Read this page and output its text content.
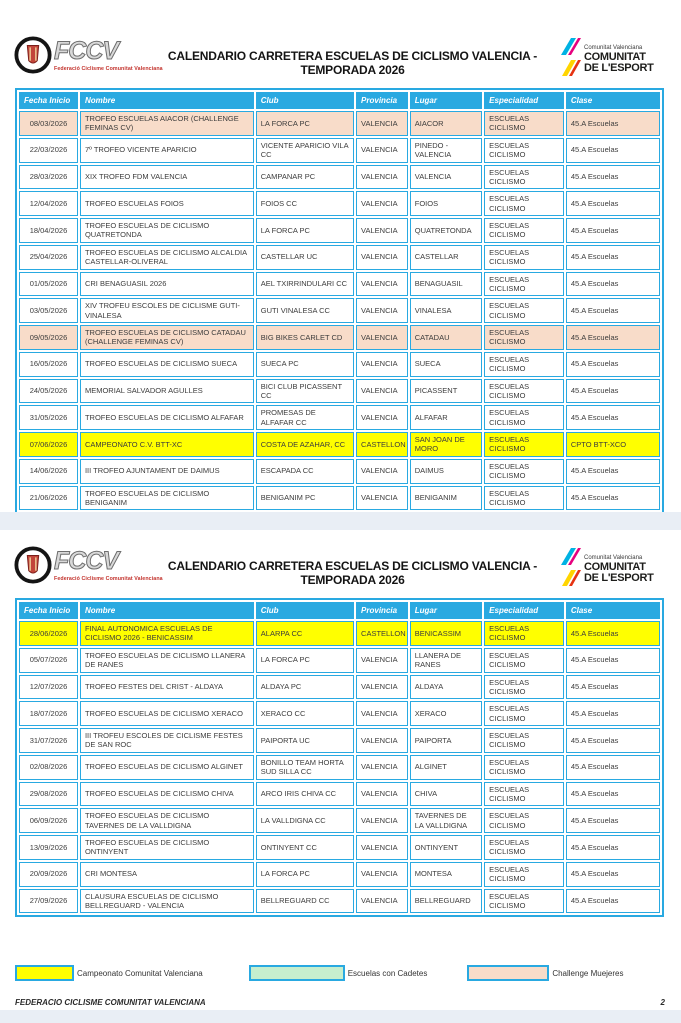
FCCV
Federació Ciclisme Comunitat Valenciana
CALENDARIO CARRETERA ESCUELAS DE CICLISMO VALENCIA - TEMPORADA 2026
Comunitat Valenciana
COMUNITAT
DE L'ESPORT
Fecha Inicio	Nombre	Club	Provincia	Lugar	Especialidad	Clase
08/03/2026	TROFEO ESCUELAS AIACOR (CHALLENGE FEMINAS CV)	LA FORCA PC	VALENCIA	AIACOR	ESCUELAS CICLISMO	45.A Escuelas
22/03/2026	7º TROFEO VICENTE APARICIO	VICENTE APARICIO VILA CC	VALENCIA	PINEDO - VALENCIA	ESCUELAS CICLISMO	45.A Escuelas
28/03/2026	XIX TROFEO FDM VALENCIA	CAMPANAR PC	VALENCIA	VALENCIA	ESCUELAS CICLISMO	45.A Escuelas
12/04/2026	TROFEO ESCUELAS FOIOS	FOIOS CC	VALENCIA	FOIOS	ESCUELAS CICLISMO	45.A Escuelas
18/04/2026	TROFEO ESCUELAS DE CICLISMO QUATRETONDA	LA FORCA PC	VALENCIA	QUATRETONDA	ESCUELAS CICLISMO	45.A Escuelas
25/04/2026	TROFEO ESCUELAS DE CICLISMO ALCALDIA CASTELLAR-OLIVERAL	CASTELLAR UC	VALENCIA	CASTELLAR	ESCUELAS CICLISMO	45.A Escuelas
01/05/2026	CRI BENAGUASIL 2026	AEL TXIRRINDULARI CC	VALENCIA	BENAGUASIL	ESCUELAS CICLISMO	45.A Escuelas
03/05/2026	XIV TROFEU ESCOLES DE CICLISME GUTI-VINALESA	GUTI VINALESA CC	VALENCIA	VINALESA	ESCUELAS CICLISMO	45.A Escuelas
09/05/2026	TROFEO ESCUELAS DE CICLISMO CATADAU (CHALLENGE FEMINAS CV)	BIG BIKES CARLET CD	VALENCIA	CATADAU	ESCUELAS CICLISMO	45.A Escuelas
16/05/2026	TROFEO ESCUELAS DE CICLISMO SUECA	SUECA PC	VALENCIA	SUECA	ESCUELAS CICLISMO	45.A Escuelas
24/05/2026	MEMORIAL SALVADOR AGULLES	BICI CLUB PICASSENT CC	VALENCIA	PICASSENT	ESCUELAS CICLISMO	45.A Escuelas
31/05/2026	TROFEO ESCUELAS DE CICLISMO ALFAFAR	PROMESAS DE ALFAFAR CC	VALENCIA	ALFAFAR	ESCUELAS CICLISMO	45.A Escuelas
07/06/2026	CAMPEONATO C.V. BTT-XC	COSTA DE AZAHAR, CC	CASTELLON	SAN JOAN DE MORO	ESCUELAS CICLISMO	CPTO BTT-XCO
14/06/2026	III TROFEO AJUNTAMENT DE DAIMUS	ESCAPADA CC	VALENCIA	DAIMUS	ESCUELAS CICLISMO	45.A Escuelas
21/06/2026	TROFEO ESCUELAS DE CICLISMO BENIGANIM	BENIGANIM PC	VALENCIA	BENIGANIM	ESCUELAS CICLISMO	45.A Escuelas
FCCV
Federació Ciclisme Comunitat Valenciana
CALENDARIO CARRETERA ESCUELAS DE CICLISMO VALENCIA - TEMPORADA 2026
Comunitat Valenciana
COMUNITAT
DE L'ESPORT
Fecha Inicio	Nombre	Club	Provincia	Lugar	Especialidad	Clase
28/06/2026	FINAL AUTONOMICA ESCUELAS DE CICLISMO 2026 - BENICASSIM	ALARPA CC	CASTELLON	BENICASSIM	ESCUELAS CICLISMO	45.A Escuelas
05/07/2026	TROFEO ESCUELAS DE CICLISMO LLANERA DE RANES	LA FORCA PC	VALENCIA	LLANERA DE RANES	ESCUELAS CICLISMO	45.A Escuelas
12/07/2026	TROFEO FESTES DEL CRIST - ALDAYA	ALDAYA PC	VALENCIA	ALDAYA	ESCUELAS CICLISMO	45.A Escuelas
18/07/2026	TROFEO ESCUELAS DE CICLISMO XERACO	XERACO CC	VALENCIA	XERACO	ESCUELAS CICLISMO	45.A Escuelas
31/07/2026	III TROFEU ESCOLES DE CICLISME FESTES DE SAN ROC	PAIPORTA UC	VALENCIA	PAIPORTA	ESCUELAS CICLISMO	45.A Escuelas
02/08/2026	TROFEO ESCUELAS DE CICLISMO ALGINET	BONILLO TEAM HORTA SUD SILLA CC	VALENCIA	ALGINET	ESCUELAS CICLISMO	45.A Escuelas
29/08/2026	TROFEO ESCUELAS DE CICLISMO CHIVA	ARCO IRIS CHIVA CC	VALENCIA	CHIVA	ESCUELAS CICLISMO	45.A Escuelas
06/09/2026	TROFEO ESCUELAS DE CICLISMO TAVERNES DE LA VALLDIGNA	LA VALLDIGNA CC	VALENCIA	TAVERNES DE LA VALLDIGNA	ESCUELAS CICLISMO	45.A Escuelas
13/09/2026	TROFEO ESCUELAS DE CICLISMO ONTINYENT	ONTINYENT CC	VALENCIA	ONTINYENT	ESCUELAS CICLISMO	45.A Escuelas
20/09/2026	CRI MONTESA	LA FORCA PC	VALENCIA	MONTESA	ESCUELAS CICLISMO	45.A Escuelas
27/09/2026	CLAUSURA ESCUELAS DE CICLISMO BELLREGUARD - VALENCIA	BELLREGUARD CC	VALENCIA	BELLREGUARD	ESCUELAS CICLISMO	45.A Escuelas
Campeonato Comunitat Valenciana	Escuelas con Cadetes	Challenge Muejeres
FEDERACIO CICLISME COMUNITAT VALENCIANA	2
